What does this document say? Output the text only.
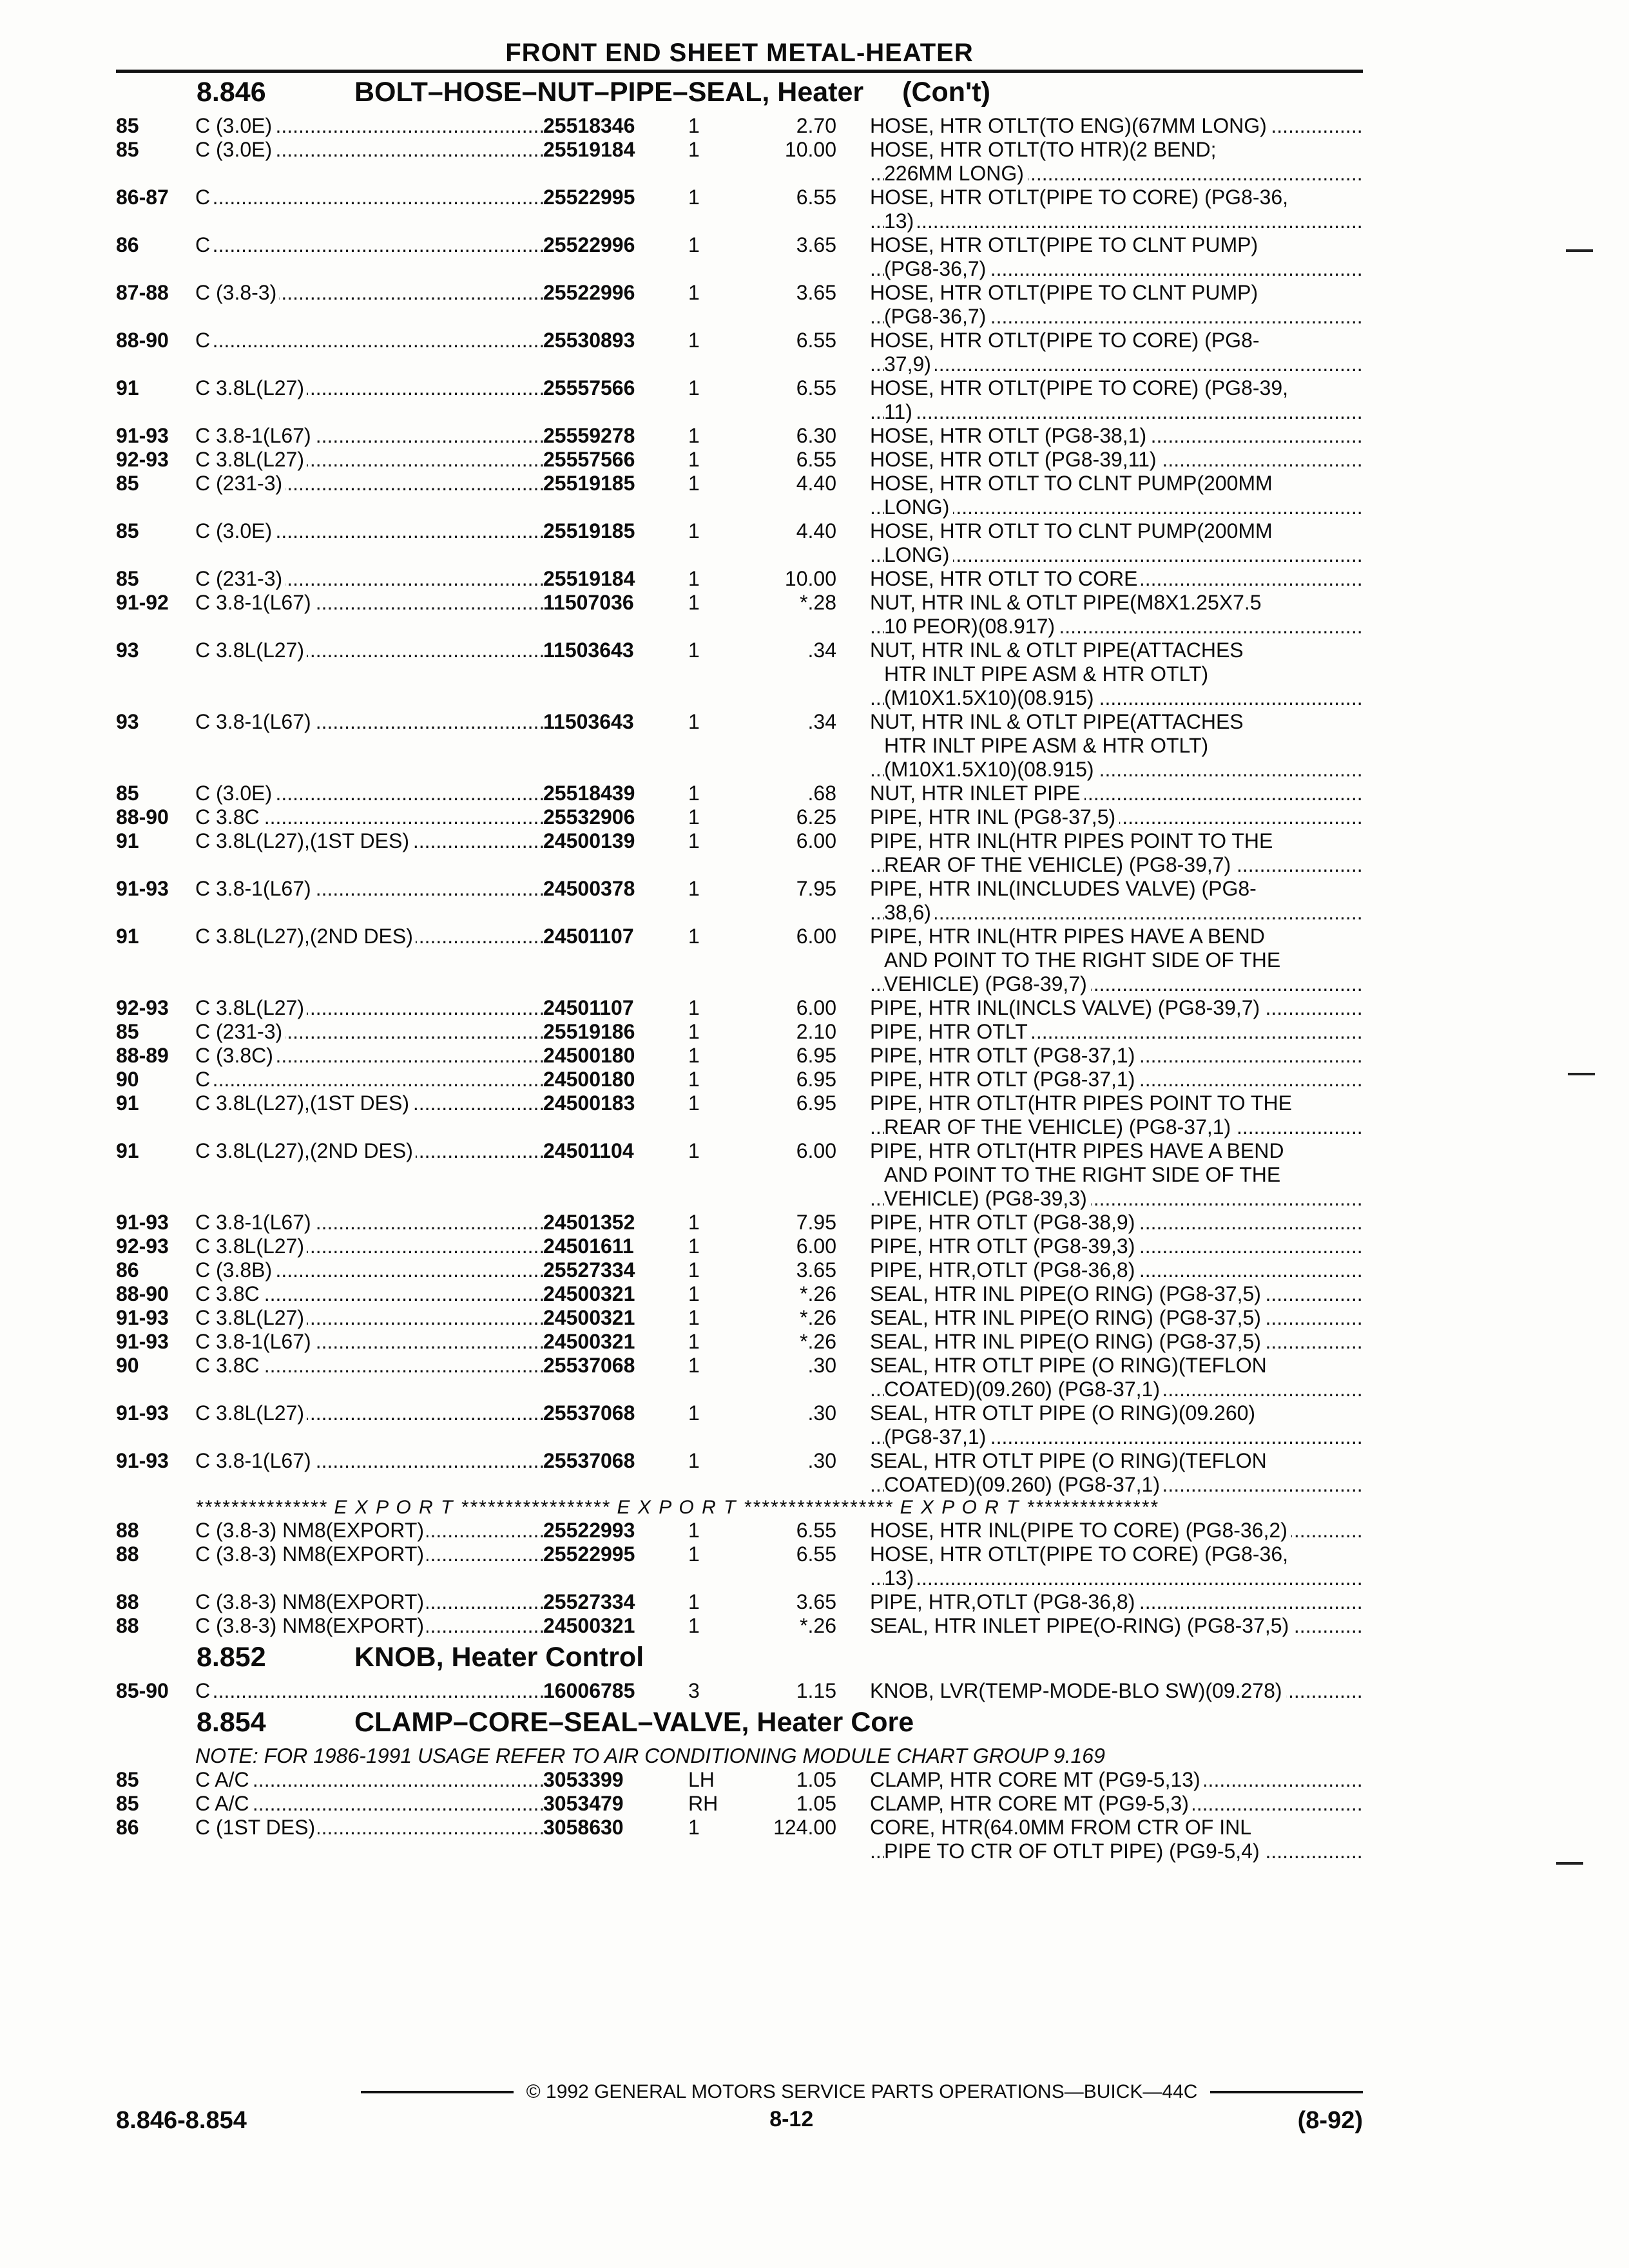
FRONT END SHEET METAL-HEATER
8.846	BOLT–HOSE–NUT–PIPE–SEAL, Heater (Con't)
85	..... C (3.0E)	25518346	1	2.70 ..... HOSE, HTR OTLT(TO ENG)(67MM LONG)
85	..... C (3.0E)	25519184	1	10.00 HOSE, HTR OTLT(TO HTR)(2 BEND;
..... 226MM LONG)
86-87	..... C	25522995	1	6.55 HOSE, HTR OTLT(PIPE TO CORE) (PG8-36,
..... 13)
86	..... C	25522996	1	3.65 HOSE, HTR OTLT(PIPE TO CLNT PUMP)
..... (PG8-36,7)
87-88	..... C (3.8-3)	25522996	1	3.65 HOSE, HTR OTLT(PIPE TO CLNT PUMP)
..... (PG8-36,7)
88-90	..... C	25530893	1	6.55 HOSE, HTR OTLT(PIPE TO CORE) (PG8-
..... 37,9)
91	..... C 3.8L(L27)	25557566	1	6.55 HOSE, HTR OTLT(PIPE TO CORE) (PG8-39,
..... 11)
91-93	..... C 3.8-1(L67)	25559278	1	6.30 ..... HOSE, HTR OTLT (PG8-38,1)
92-93	..... C 3.8L(L27)	25557566	1	6.55 ..... HOSE, HTR OTLT (PG8-39,11)
85	..... C (231-3)	25519185	1	4.40 HOSE, HTR OTLT TO CLNT PUMP(200MM
..... LONG)
85	..... C (3.0E)	25519185	1	4.40 HOSE, HTR OTLT TO CLNT PUMP(200MM
..... LONG)
85	..... C (231-3)	25519184	1	10.00 ..... HOSE, HTR OTLT TO CORE
91-92	..... C 3.8-1(L67)	11507036	1	*.28 NUT, HTR INL & OTLT PIPE(M8X1.25X7.5
..... 10 PEOR)(08.917)
93	..... C 3.8L(L27)	11503643	1	.34 NUT, HTR INL & OTLT PIPE(ATTACHES
HTR INLT PIPE ASM & HTR OTLT)
..... (M10X1.5X10)(08.915)
93	..... C 3.8-1(L67)	11503643	1	.34 NUT, HTR INL & OTLT PIPE(ATTACHES
HTR INLT PIPE ASM & HTR OTLT)
..... (M10X1.5X10)(08.915)
85	..... C (3.0E)	25518439	1	.68 ..... NUT, HTR INLET PIPE
88-90	..... C 3.8C	25532906	1	6.25 ..... PIPE, HTR INL (PG8-37,5)
91	..... C 3.8L(L27),(1ST DES)	24500139	1	6.00 PIPE, HTR INL(HTR PIPES POINT TO THE
..... REAR OF THE VEHICLE) (PG8-39,7)
91-93	..... C 3.8-1(L67)	24500378	1	7.95 PIPE, HTR INL(INCLUDES VALVE) (PG8-
..... 38,6)
91	..... C 3.8L(L27),(2ND DES)	24501107	1	6.00 PIPE, HTR INL(HTR PIPES HAVE A BEND
AND POINT TO THE RIGHT SIDE OF THE
..... VEHICLE) (PG8-39,7)
92-93	..... C 3.8L(L27)	24501107	1	6.00 ..... PIPE, HTR INL(INCLS VALVE) (PG8-39,7)
85	..... C (231-3)	25519186	1	2.10 ..... PIPE, HTR OTLT
88-89	..... C (3.8C)	24500180	1	6.95 ..... PIPE, HTR OTLT (PG8-37,1)
90	..... C	24500180	1	6.95 ..... PIPE, HTR OTLT (PG8-37,1)
91	..... C 3.8L(L27),(1ST DES)	24500183	1	6.95 PIPE, HTR OTLT(HTR PIPES POINT TO THE
..... REAR OF THE VEHICLE) (PG8-37,1)
91	..... C 3.8L(L27),(2ND DES)	24501104	1	6.00 PIPE, HTR OTLT(HTR PIPES HAVE A BEND
AND POINT TO THE RIGHT SIDE OF THE
..... VEHICLE) (PG8-39,3)
91-93	..... C 3.8-1(L67)	24501352	1	7.95 ..... PIPE, HTR OTLT (PG8-38,9)
92-93	..... C 3.8L(L27)	24501611	1	6.00 ..... PIPE, HTR OTLT (PG8-39,3)
86	..... C (3.8B)	25527334	1	3.65 ..... PIPE, HTR,OTLT (PG8-36,8)
88-90	..... C 3.8C	24500321	1	*.26 ..... SEAL, HTR INL PIPE(O RING) (PG8-37,5)
91-93	..... C 3.8L(L27)	24500321	1	*.26 ..... SEAL, HTR INL PIPE(O RING) (PG8-37,5)
91-93	..... C 3.8-1(L67)	24500321	1	*.26 ..... SEAL, HTR INL PIPE(O RING) (PG8-37,5)
90	..... C 3.8C	25537068	1	.30 SEAL, HTR OTLT PIPE (O RING)(TEFLON
..... COATED)(09.260) (PG8-37,1)
91-93	..... C 3.8L(L27)	25537068	1	.30 SEAL, HTR OTLT PIPE (O RING)(09.260)
..... (PG8-37,1)
91-93	..... C 3.8-1(L67)	25537068	1	.30 SEAL, HTR OTLT PIPE (O RING)(TEFLON
..... COATED)(09.260) (PG8-37,1)
*************** E X P O R T ***************** E X P O R T ***************** E X P O R T ***************
88	..... C (3.8-3) NM8(EXPORT)	25522993	1	6.55 ..... HOSE, HTR INL(PIPE TO CORE) (PG8-36,2)
88	..... C (3.8-3) NM8(EXPORT)	25522995	1	6.55 HOSE, HTR OTLT(PIPE TO CORE) (PG8-36,
..... 13)
88	..... C (3.8-3) NM8(EXPORT)	25527334	1	3.65 ..... PIPE, HTR,OTLT (PG8-36,8)
88	..... C (3.8-3) NM8(EXPORT)	24500321	1	*.26 ..... SEAL, HTR INLET PIPE(O-RING) (PG8-37,5)
8.852	KNOB, Heater Control
85-90	..... C	16006785	3	1.15 ..... KNOB, LVR(TEMP-MODE-BLO SW)(09.278)
8.854	CLAMP–CORE–SEAL–VALVE, Heater Core
NOTE: FOR 1986-1991 USAGE REFER TO AIR CONDITIONING MODULE CHART GROUP 9.169
85	..... C A/C	3053399	LH	1.05 ..... CLAMP, HTR CORE MT (PG9-5,13)
85	..... C A/C	3053479	RH	1.05 ..... CLAMP, HTR CORE MT (PG9-5,3)
86	..... C (1ST DES)	3058630	1	124.00 CORE, HTR(64.0MM FROM CTR OF INL
..... PIPE TO CTR OF OTLT PIPE) (PG9-5,4)
© 1992 GENERAL MOTORS SERVICE PARTS OPERATIONS—BUICK—44C
8.846-8.854	8-12	(8-92)
